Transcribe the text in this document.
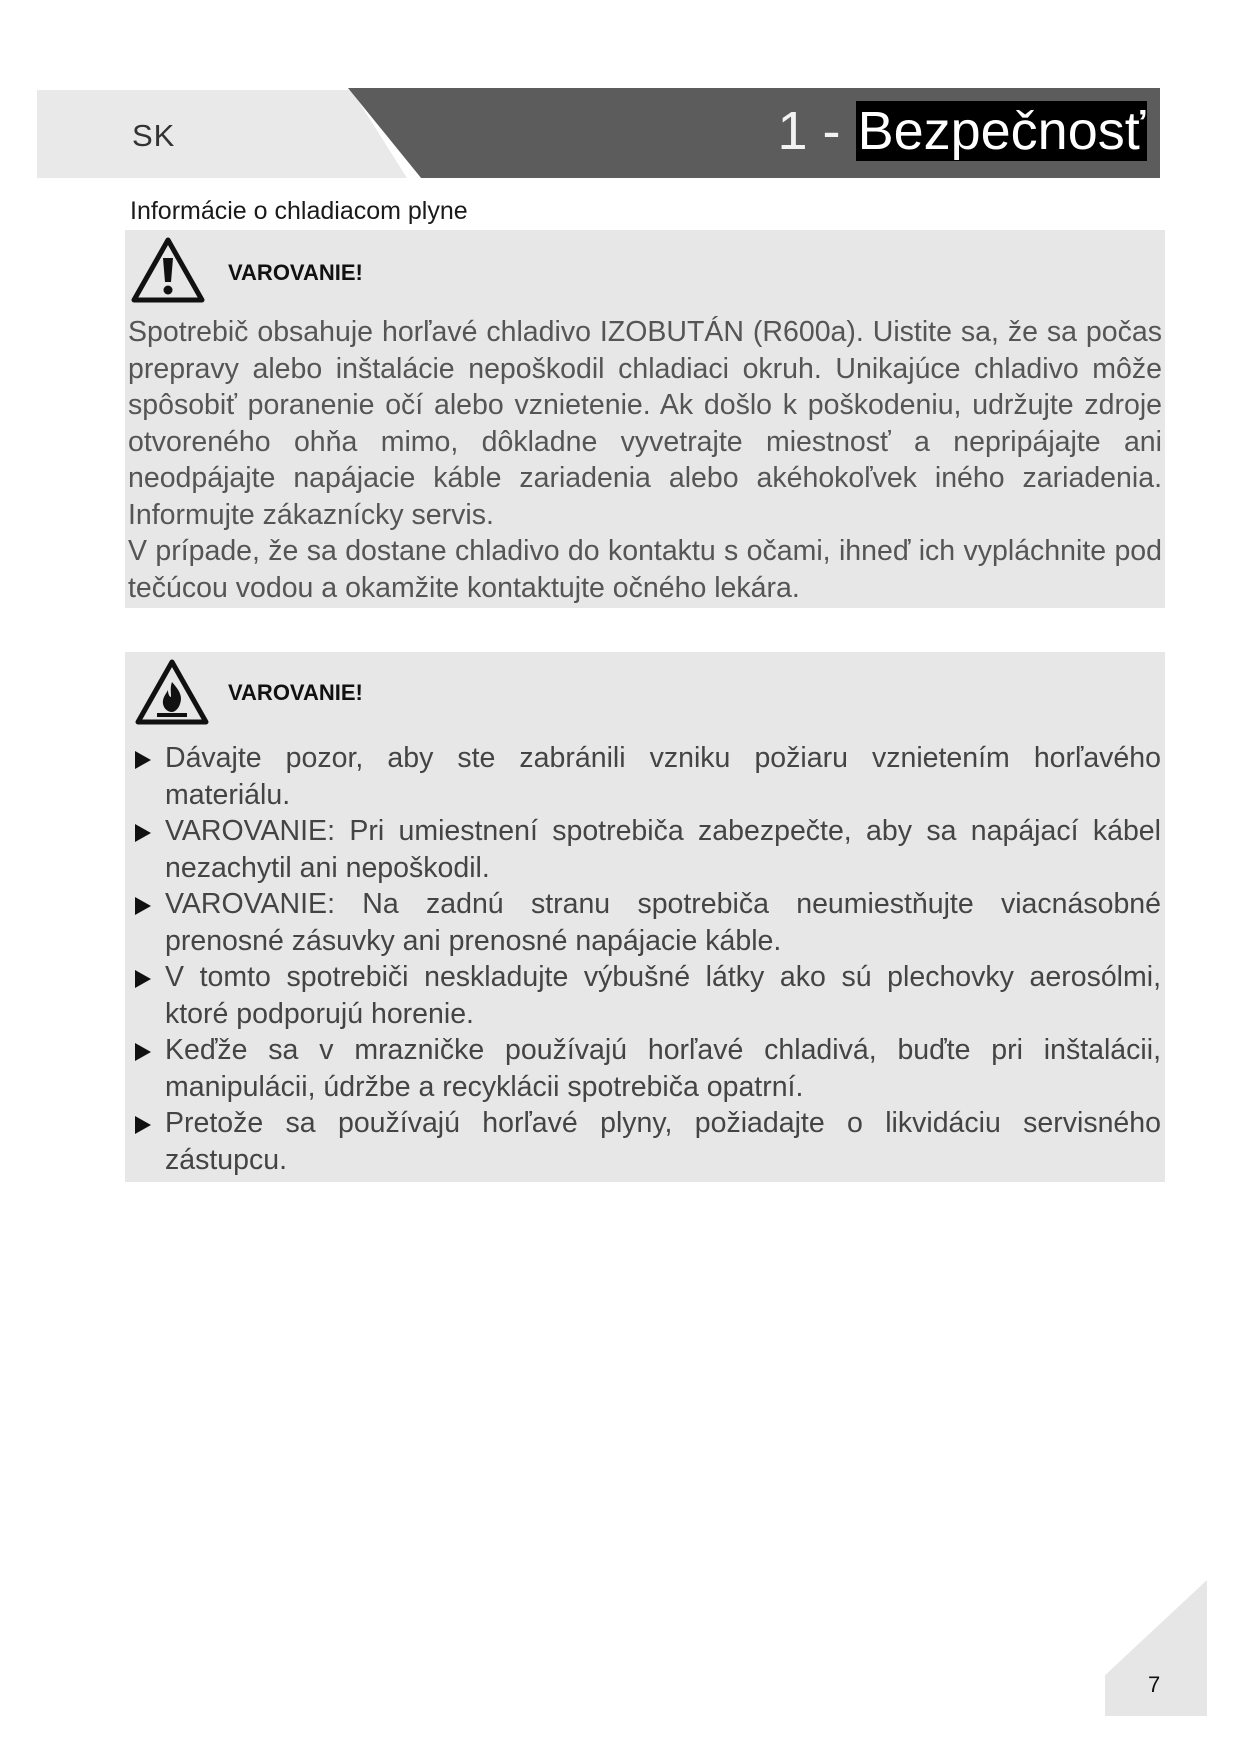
SK	1 - Bezpečnosť
Informácie o chladiacom plyne
VAROVANIE!
Spotrebič obsahuje horľavé chladivo IZOBUTÁN (R600a). Uistite sa, že sa počas prepravy alebo inštalácie nepoškodil chladiaci okruh. Unikajúce chladivo môže spôsobiť poranenie očí alebo vznietenie. Ak došlo k poškodeniu, udržujte zdroje otvoreného ohňa mimo, dôkladne vyvetrajte miestnosť a nepripájajte ani neodpájajte napájacie káble zariadenia alebo akéhokoľvek iného zariadenia. Informujte zákaznícky servis.
V prípade, že sa dostane chladivo do kontaktu s očami, ihneď ich vypláchnite pod tečúcou vodou a okamžite kontaktujte očného lekára.
VAROVANIE!
Dávajte pozor, aby ste zabránili vzniku požiaru vznietením horľavého materiálu.
VAROVANIE: Pri umiestnení spotrebiča zabezpečte, aby sa napájací kábel nezachytil ani nepoškodil.
VAROVANIE: Na zadnú stranu spotrebiča neumiestňujte viacnásobné prenosné zásuvky ani prenosné napájacie káble.
V tomto spotrebiči neskladujte výbušné látky ako sú plechovky aerosólmi, ktoré podporujú horenie.
Keďže sa v mrazničke používajú horľavé chladivá, buďte pri inštalácii, manipulácii, údržbe a recyklácii spotrebiča opatrní.
Pretože sa používajú horľavé plyny, požiadajte o likvidáciu servisného zástupcu.
7
